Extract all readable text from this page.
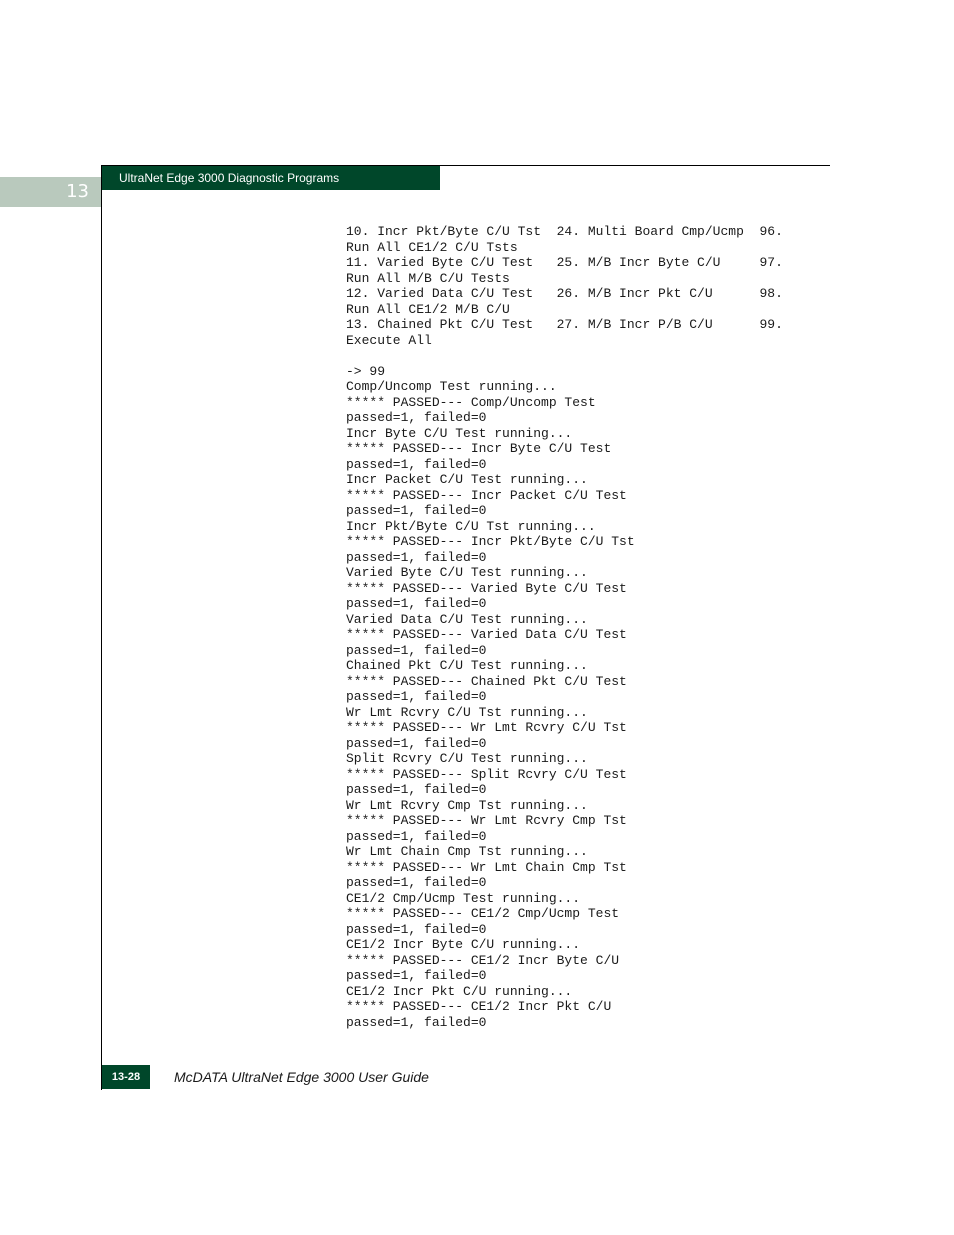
13
UltraNet Edge 3000 Diagnostic Programs
10. Incr Pkt/Byte C/U Tst  24. Multi Board Cmp/Ucmp  96.
Run All CE1/2 C/U Tsts
11. Varied Byte C/U Test   25. M/B Incr Byte C/U     97.
Run All M/B C/U Tests
12. Varied Data C/U Test   26. M/B Incr Pkt C/U      98.
Run All CE1/2 M/B C/U
13. Chained Pkt C/U Test   27. M/B Incr P/B C/U      99.
Execute All
-> 99
Comp/Uncomp Test running...
***** PASSED--- Comp/Uncomp Test
passed=1, failed=0
Incr Byte C/U Test running...
***** PASSED--- Incr Byte C/U Test
passed=1, failed=0
Incr Packet C/U Test running...
***** PASSED--- Incr Packet C/U Test
passed=1, failed=0
Incr Pkt/Byte C/U Tst running...
***** PASSED--- Incr Pkt/Byte C/U Tst
passed=1, failed=0
Varied Byte C/U Test running...
***** PASSED--- Varied Byte C/U Test
passed=1, failed=0
Varied Data C/U Test running...
***** PASSED--- Varied Data C/U Test
passed=1, failed=0
Chained Pkt C/U Test running...
***** PASSED--- Chained Pkt C/U Test
passed=1, failed=0
Wr Lmt Rcvry C/U Tst running...
***** PASSED--- Wr Lmt Rcvry C/U Tst
passed=1, failed=0
Split Rcvry C/U Test running...
***** PASSED--- Split Rcvry C/U Test
passed=1, failed=0
Wr Lmt Rcvry Cmp Tst running...
***** PASSED--- Wr Lmt Rcvry Cmp Tst
passed=1, failed=0
Wr Lmt Chain Cmp Tst running...
***** PASSED--- Wr Lmt Chain Cmp Tst
passed=1, failed=0
CE1/2 Cmp/Ucmp Test running...
***** PASSED--- CE1/2 Cmp/Ucmp Test
passed=1, failed=0
CE1/2 Incr Byte C/U running...
***** PASSED--- CE1/2 Incr Byte C/U
passed=1, failed=0
CE1/2 Incr Pkt C/U running...
***** PASSED--- CE1/2 Incr Pkt C/U
passed=1, failed=0
13-28	McDATA UltraNet Edge 3000 User Guide
